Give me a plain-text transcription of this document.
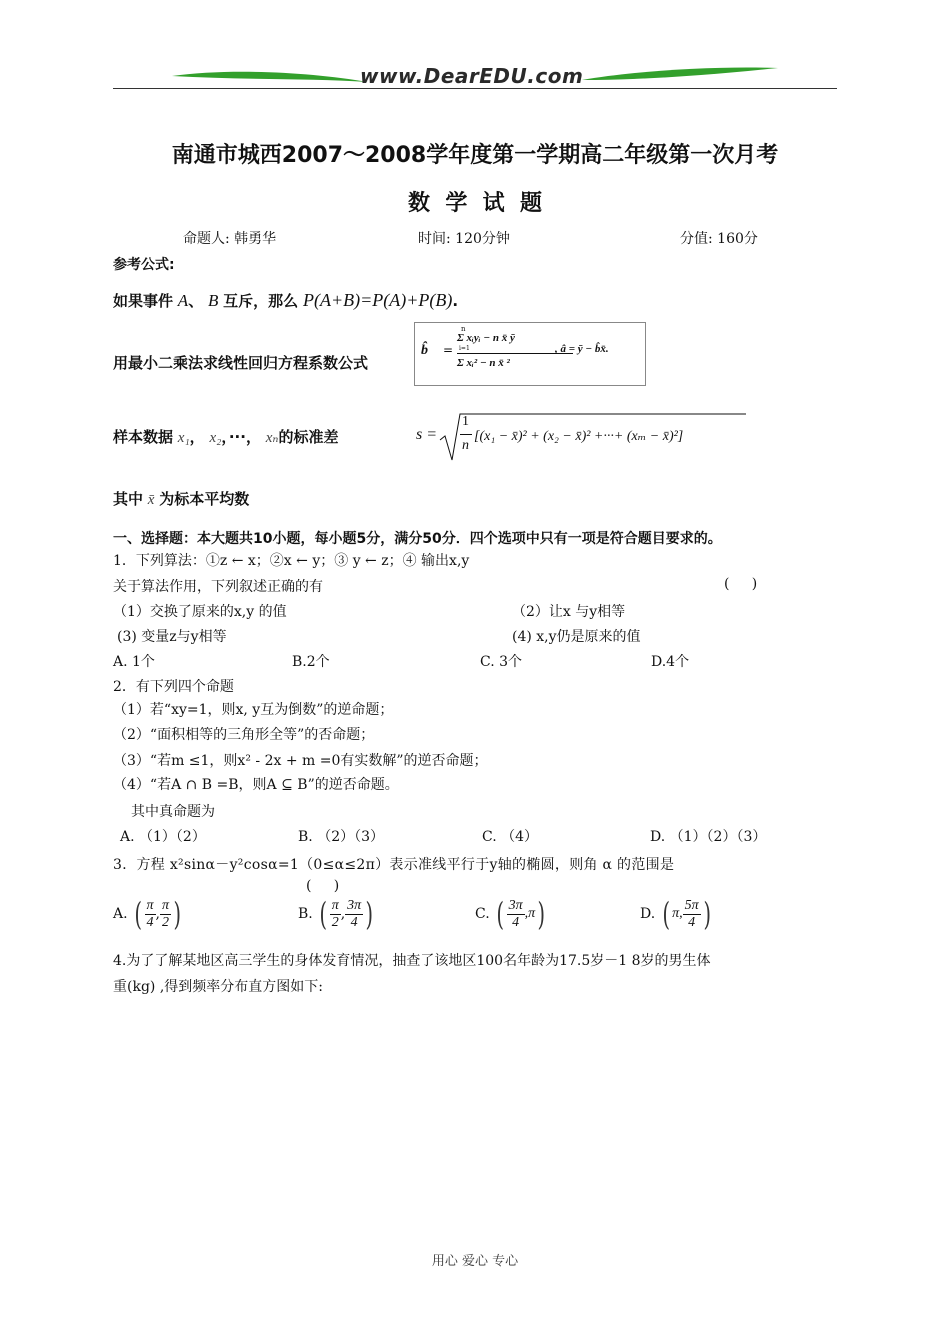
www.DearEDU.com
南通市城西2007～2008学年度第一学期高二年级第一次月考
数  学  试  题
命题人: 韩勇华	时间: 120分钟	分值: 160分
参考公式:
如果事件 A、 B 互斥，那么 P(A+B)=P(A)+P(B).
用最小二乘法求线性回归方程系数公式
b̂ =
n
Σ xᵢyᵢ − n x̄ ȳ
i=1
Σ xᵢ² − n x̄ ²
, â = ȳ − b̂x̄.
样本数据 x₁， x₂，···， xₙ的标准差	s =
1
n
[(x₁ − x̄)² + (x₂ − x̄)² +···+ (xₘ − x̄)²]
其中 x̄ 为标本平均数
一、选择题：本大题共10小题，每小题5分，满分50分．四个选项中只有一项是符合题目要求的。
1．下列算法：①z ← x；②x ← y；③ y ← z；④ 输出x,y
关于算法作用，下列叙述正确的有	(     )
（1）交换了原来的x,y 的值	（2）让x 与y相等
(3) 变量z与y相等	(4) x,y仍是原来的值
A. 1个	B.2个	C. 3个	D.4个
2．有下列四个命题
（1）若“xy=1，则x, y互为倒数”的逆命题；
（2）“面积相等的三角形全等”的否命题；
（3）“若m ≤1，则x² - 2x + m =0有实数解”的逆否命题；
（4）“若A ∩ B =B，则A ⊆ B”的逆否命题。
其中真命题为
A. （1）（2）	B. （2）（3）	C. （4）	D. （1）（2）（3）
3．方程 x²sinα－y²cosα=1（0≤α≤2π）表示准线平行于y轴的椭圆，则角 α 的范围是
(     )
A. ( $\frac{\pi}{4}$ , $\frac{\pi}{2}$ )	B. ( $\frac{\pi}{2}$ , $\frac{3\pi}{4}$ )	C. ( $\frac{3\pi}{4} ,\pi$)	D. ( π, $\frac{5\pi}{4}$ )
4.为了了解某地区高三学生的身体发育情况，抽查了该地区100名年龄为17.5岁－1 8岁的男生体
重(kg) ,得到频率分布直方图如下:
用心 爱心 专心
